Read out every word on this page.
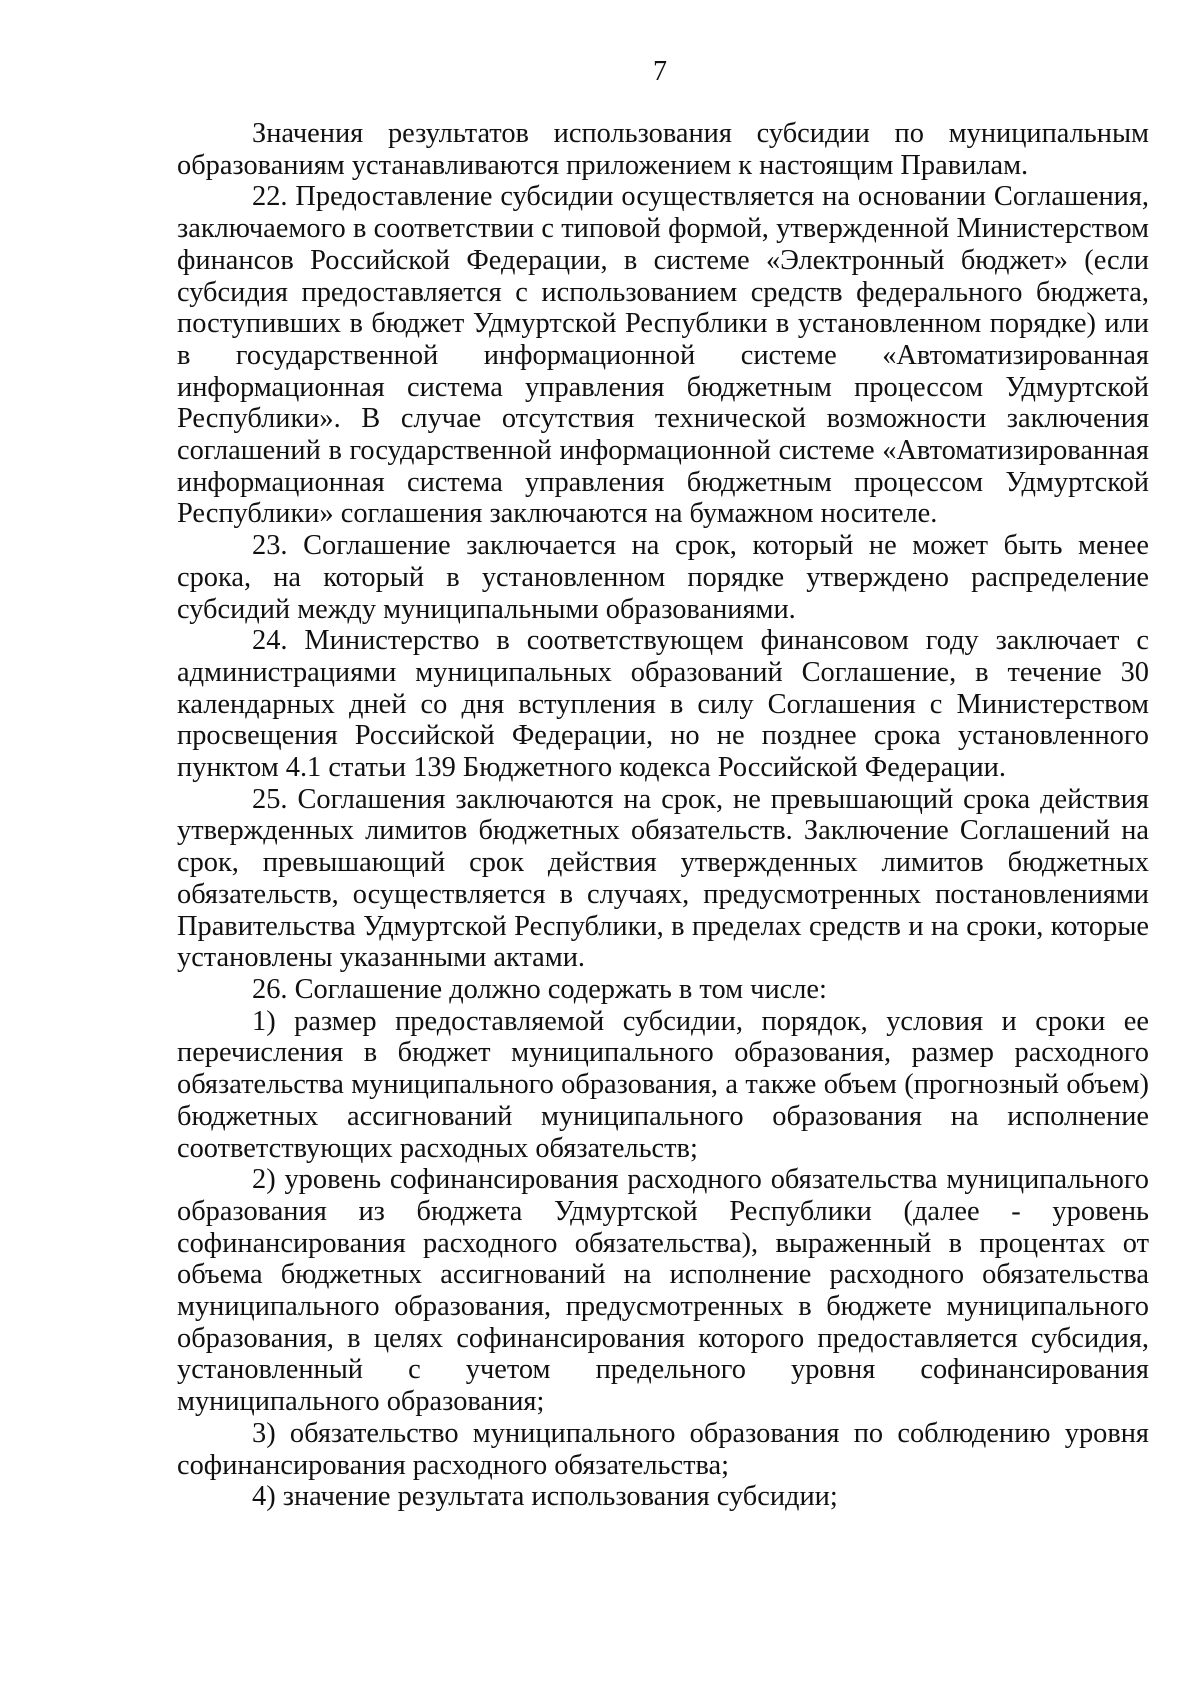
7

Значения результатов использования субсидии по муниципальным образованиям устанавливаются приложением к настоящим Правилам.

22. Предоставление субсидии осуществляется на основании Соглашения, заключаемого в соответствии с типовой формой, утвержденной Министерством финансов Российской Федерации, в системе «Электронный бюджет» (если субсидия предоставляется с использованием средств федерального бюджета, поступивших в бюджет Удмуртской Республики в установленном порядке) или в государственной информационной системе «Автоматизированная информационная система управления бюджетным процессом Удмуртской Республики». В случае отсутствия технической возможности заключения соглашений в государственной информационной системе «Автоматизированная информационная система управления бюджетным процессом Удмуртской Республики» соглашения заключаются на бумажном носителе.

23. Соглашение заключается на срок, который не может быть менее срока, на который в установленном порядке утверждено распределение субсидий между муниципальными образованиями.

24. Министерство в соответствующем финансовом году заключает с администрациями муниципальных образований Соглашение, в течение 30 календарных дней со дня вступления в силу Соглашения с Министерством просвещения Российской Федерации, но не позднее срока установленного пунктом 4.1 статьи 139 Бюджетного кодекса Российской Федерации.

25. Соглашения заключаются на срок, не превышающий срока действия утвержденных лимитов бюджетных обязательств. Заключение Соглашений на срок, превышающий срок действия утвержденных лимитов бюджетных обязательств, осуществляется в случаях, предусмотренных постановлениями Правительства Удмуртской Республики, в пределах средств и на сроки, которые установлены указанными актами.

26. Соглашение должно содержать в том числе:

1) размер предоставляемой субсидии, порядок, условия и сроки ее перечисления в бюджет муниципального образования, размер расходного обязательства муниципального образования, а также объем (прогнозный объем) бюджетных ассигнований муниципального образования на исполнение соответствующих расходных обязательств;

2) уровень софинансирования расходного обязательства муниципального образования из бюджета Удмуртской Республики (далее - уровень софинансирования расходного обязательства), выраженный в процентах от объема бюджетных ассигнований на исполнение расходного обязательства муниципального образования, предусмотренных в бюджете муниципального образования, в целях софинансирования которого предоставляется субсидия, установленный с учетом предельного уровня софинансирования муниципального образования;

3) обязательство муниципального образования по соблюдению уровня софинансирования расходного обязательства;

4) значение результата использования субсидии;
